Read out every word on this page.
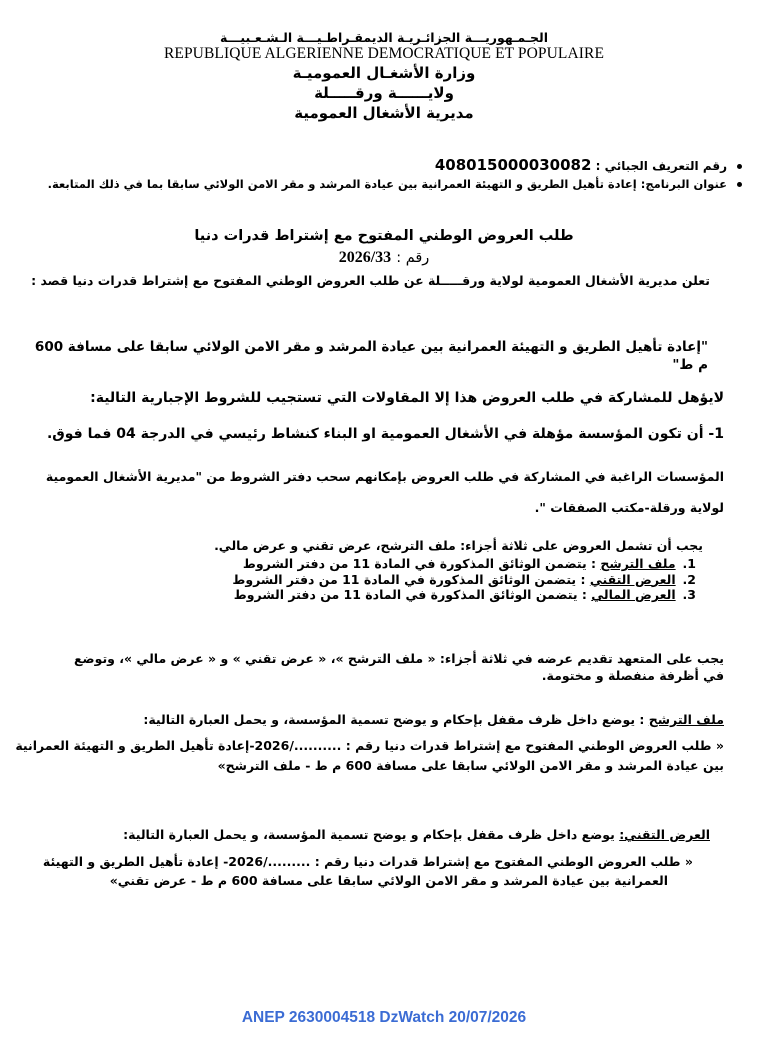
الجـمـهوريـــة الجزائـريـة الديمقـراطـيـــة الـشـعـبيـــة
REPUBLIQUE ALGERIENNE DEMOCRATIQUE ET POPULAIRE
وزارة الأشغـال العموميـة
ولايــــــة ورقـــــلة
مديرية الأشغال العمومية
رقم التعريف الجبائي : 408015000030082
عنوان البرنامج: إعادة تأهيل الطريق و التهيئة العمرانية بين عيادة المرشد و مقر الامن الولائي سابقا بما في ذلك المتابعة.
طلب العروض الوطني المفتوح مع إشتراط قدرات دنيا
رقم : 2026/33
تعلن مديرية الأشغال العمومية لولاية ورقـــــلة عن طلب العروض الوطني المفتوح مع إشتراط قدرات دنيا قصد :
"إعادة تأهيل الطريق و التهيئة العمرانية بين عيادة المرشد و مقر الامن الولائي سابقا على مسافة 600 م ط"
لايؤهل للمشاركة في طلب العروض هذا إلا المقاولات التي تستجيب للشروط الإجبارية التالية:
1- أن تكون المؤسسة مؤهلة في الأشغال العمومية او البناء كنشاط رئيسي في الدرجة 04 فما فوق.
المؤسسات الراغبة في المشاركة في طلب العروض بإمكانهم سحب دفتر الشروط من "مديرية الأشغال العمومية
لولاية ورقلة-مكتب الصفقات ".
يجب أن تشمل العروض على ثلاثة أجزاء: ملف الترشح، عرض تقني و عرض مالي.
1. ملف الترشح : يتضمن الوثائق المذكورة في المادة 11 من دفتر الشروط
2. العرض التقني : يتضمن الوثائق المذكورة في المادة 11 من دفتر الشروط
3. العرض المالي : يتضمن الوثائق المذكورة في المادة 11 من دفتر الشروط
يجب على المتعهد تقديم عرضه في ثلاثة أجزاء: « ملف الترشح »، « عرض تقني » و « عرض مالي »، وتوضع
في أظرفة منفصلة و مختومة.
ملف الترشح : يوضع داخل ظرف مقفل بإحكام و يوضح تسمية المؤسسة، و يحمل العبارة التالية:
« طلب العروض الوطني المفتوح مع إشتراط قدرات دنيا رقم : ........../2026-إعادة تأهيل الطريق و التهيئة العمرانية
بين عيادة المرشد و مقر الامن الولائي سابقا على مسافة 600 م ط - ملف الترشح»
العرض التقني: يوضع داخل ظرف مقفل بإحكام و يوضح تسمية المؤسسة، و يحمل العبارة التالية:
« طلب العروض الوطني المفتوح مع إشتراط قدرات دنيا رقم : ........./2026- إعادة تأهيل الطريق و التهيئة
العمرانية بين عيادة المرشد و مقر الامن الولائي سابقا على مسافة 600 م ط - عرض تقني»
ANEP 2630004518 DzWatch 20/07/2026
